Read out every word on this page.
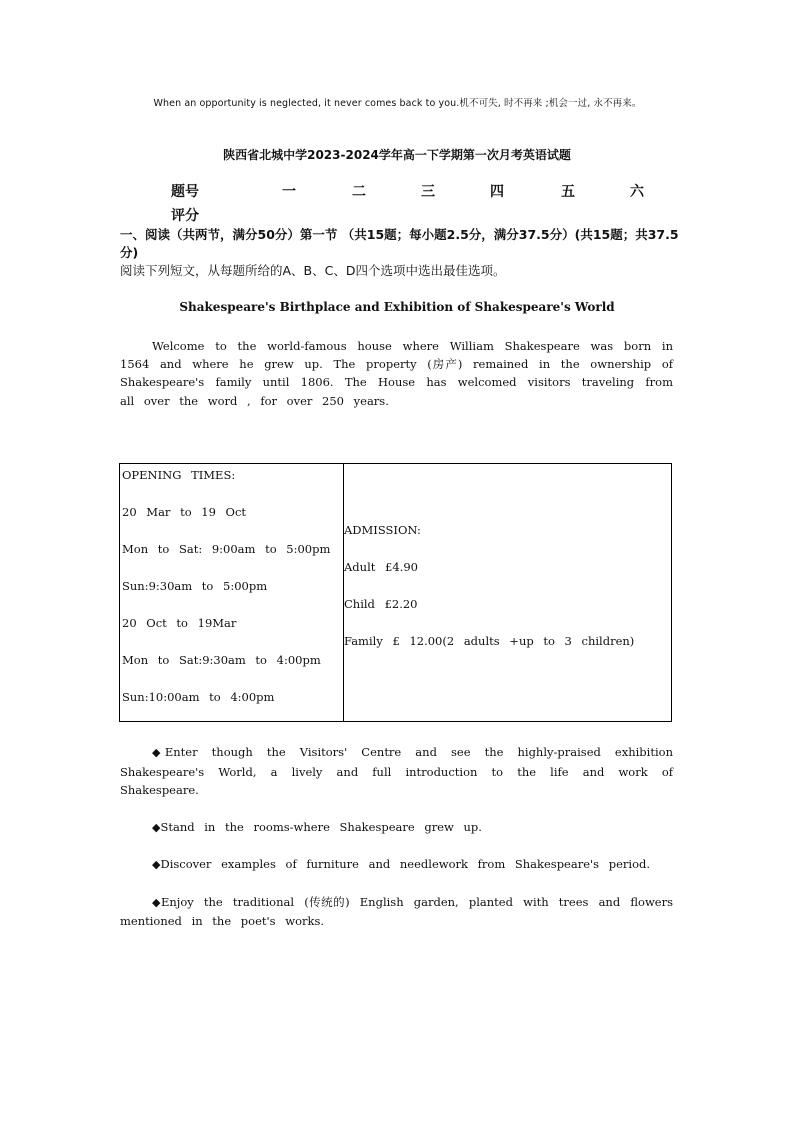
When an opportunity is neglected, it never comes back to you.机不可失, 时不再来 ;机会一过, 永不再来。
陕西省北城中学2023-2024学年高一下学期第一次月考英语试题
题号	一	二	三	四	五	六
评分
一、阅读（共两节，满分50分）第一节 （共15题；每小题2.5分，满分37.5分）(共15题；共37.5分)
阅读下列短文，从每题所给的A、B、C、D四个选项中选出最佳选项。
Shakespeare's Birthplace and Exhibition of Shakespeare's World

Welcome to the world-famous house where William Shakespeare was born in 1564 and where he grew up. The property (房产) remained in the ownership of Shakespeare's family until 1806. The House has welcomed visitors traveling from all over the word , for over 250 years.

OPENING TIMES:
20 Mar to 19 Oct
Mon to Sat: 9:00am to 5:00pm
Sun:9:30am to 5:00pm
20 Oct to 19Mar
Mon to Sat:9:30am to 4:00pm
Sun:10:00am to 4:00pm
ADMISSION:
Adult £4.90
Child £2.20
Family £ 12.00(2 adults +up to 3 children)

◆Enter though the Visitors' Centre and see the highly-praised exhibition Shakespeare's World, a lively and full introduction to the life and work of Shakespeare.

◆Stand in the rooms-where Shakespeare grew up.

◆Discover examples of furniture and needlework from Shakespeare's period.

◆Enjoy the traditional (传统的) English garden, planted with trees and flowers mentioned in the poet's works.
